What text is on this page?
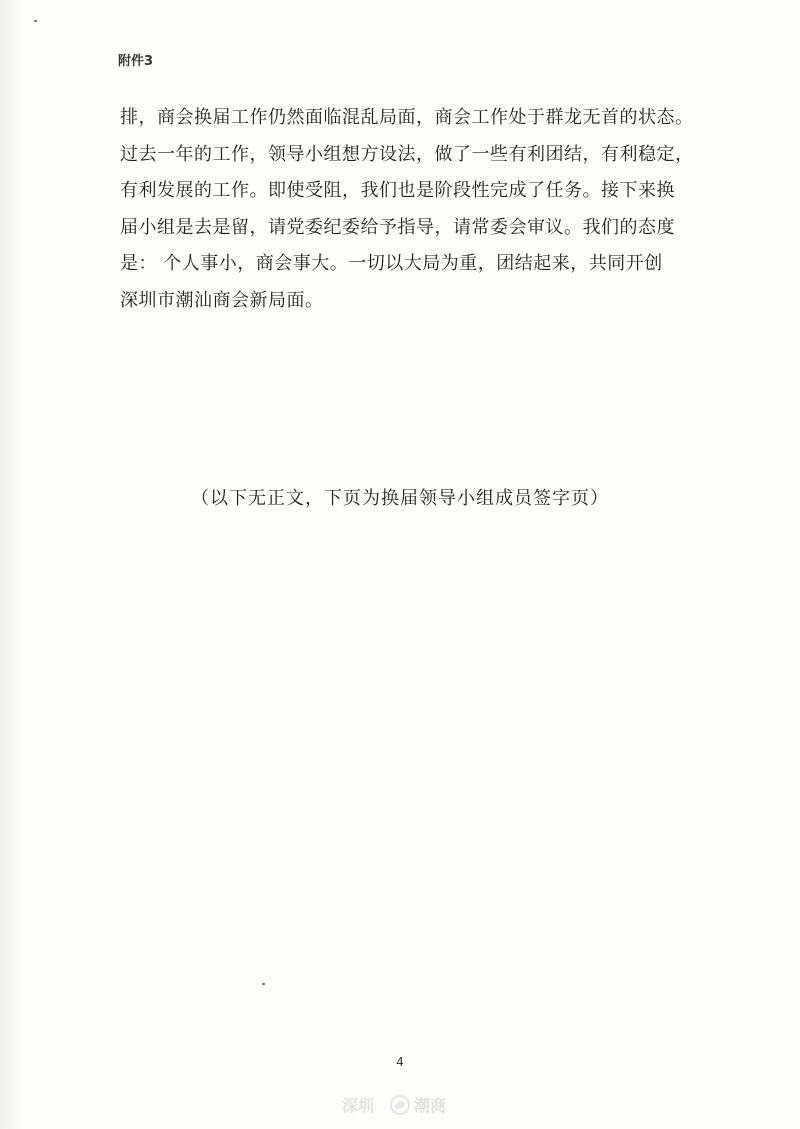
附件3
排，商会换届工作仍然面临混乱局面，商会工作处于群龙无首的状态。
过去一年的工作，领导小组想方设法，做了一些有利团结，有利稳定，
有利发展的工作。即使受阻，我们也是阶段性完成了任务。接下来换
届小组是去是留，请党委纪委给予指导，请常委会审议。我们的态度
是： 个人事小，商会事大。一切以大局为重，团结起来，共同开创
深圳市潮汕商会新局面。
（以下无正文，下页为换届领导小组成员签字页）
4
深圳 潮商
